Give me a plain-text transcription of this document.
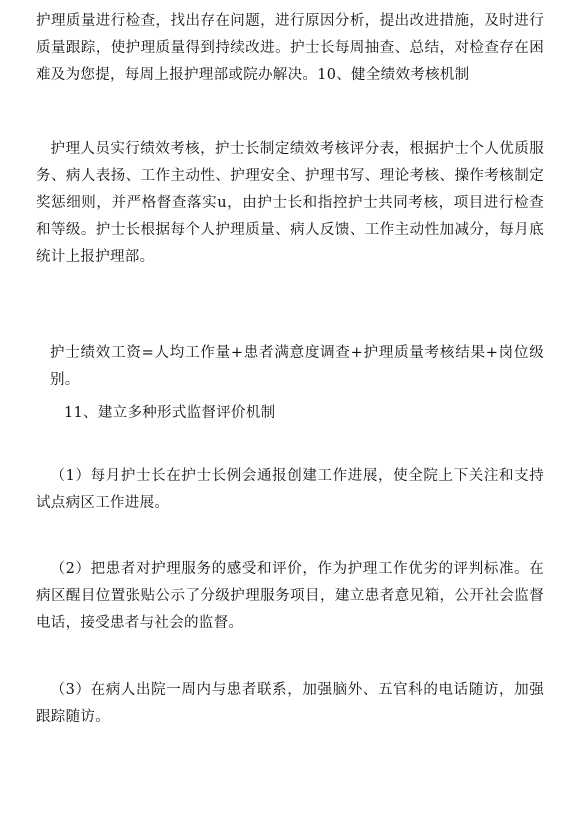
护理质量进行检查，找出存在问题，进行原因分析，提出改进措施，及时进行质量跟踪，使护理质量得到持续改进。护士长每周抽查、总结，对检查存在困难及为您提，每周上报护理部或院办解决。10、健全绩效考核机制

护理人员实行绩效考核，护士长制定绩效考核评分表，根据护士个人优质服务、病人表扬、工作主动性、护理安全、护理书写、理论考核、操作考核制定奖惩细则，并严格督查落实u，由护士长和指控护士共同考核，项目进行检查和等级。护士长根据每个人护理质量、病人反馈、工作主动性加减分，每月底统计上报护理部。

护士绩效工资=人均工作量+患者满意度调查+护理质量考核结果+岗位级别。

11、建立多种形式监督评价机制

（1）每月护士长在护士长例会通报创建工作进展，使全院上下关注和支持试点病区工作进展。

（2）把患者对护理服务的感受和评价，作为护理工作优劣的评判标准。在病区醒目位置张贴公示了分级护理服务项目，建立患者意见箱，公开社会监督电话，接受患者与社会的监督。

（3）在病人出院一周内与患者联系，加强脑外、五官科的电话随访，加强跟踪随访。
